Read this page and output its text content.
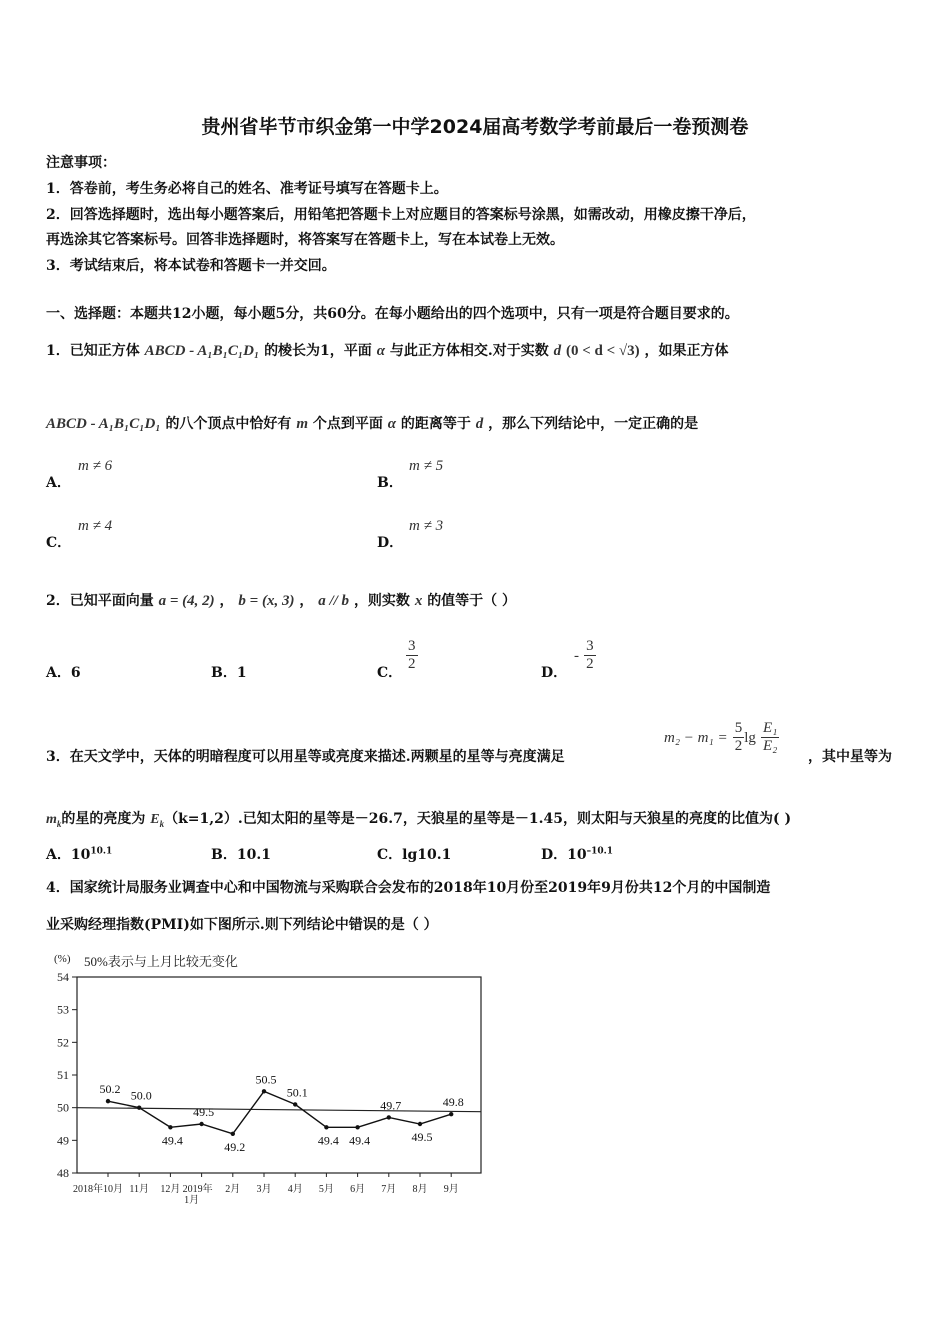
贵州省毕节市织金第一中学2024届高考数学考前最后一卷预测卷
注意事项：
1．答卷前，考生务必将自己的姓名、准考证号填写在答题卡上。
2．回答选择题时，选出每小题答案后，用铅笔把答题卡上对应题目的答案标号涂黑，如需改动，用橡皮擦干净后，
再选涂其它答案标号。回答非选择题时，将答案写在答题卡上，写在本试卷上无效。
3．考试结束后，将本试卷和答题卡一并交回。
一、选择题：本题共12小题，每小题5分，共60分。在每小题给出的四个选项中，只有一项是符合题目要求的。
1．已知正方体 ABCD - A₁B₁C₁D₁ 的棱长为1，平面 α 与此正方体相交.对于实数 d (0 < d < √3) ，如果正方体
ABCD - A₁B₁C₁D₁ 的八个顶点中恰好有 m 个点到平面 α 的距离等于 d ，那么下列结论中，一定正确的是
A．
m ≠ 6
B．
m ≠ 5
C．
m ≠ 4
D．
m ≠ 3
2．已知平面向量 a = (4, 2) ， b = (x, 3) ， a // b ，则实数 x 的值等于（ ）
A．6	B．1	C． $\frac{3}{2}$	D．
- $\frac{3}{2}$
3．在天文学中，天体的明暗程度可以用星等或亮度来描述.两颗星的星等与亮度满足
$m_2 - m_1 = \frac{5}{2}$ $\lg \frac{\text{E₁}}{\text{E₂}}$
，其中星等为
$m_k$的星的亮度为 $E_k(k=1,2)$.已知太阳的星等是－26.7，天狼星的星等是－1.45，则太阳与天狼星的亮度的比值为( )
A．$10^{10.1}$	B．10.1	C．lg10.1	D．$10^{-10.1}$
4．国家统计局服务业调查中心和中国物流与采购联合会发布的2018年10月份至2019年9月份共12个月的中国制造
业采购经理指数(PMI)如下图所示.则下列结论中错误的是（ ）
(%) 50%表示与上月比较无变化
48
49
50
51
52
53
54
2018年10月 11月 12月 2019年
1月
2月 3月 4月 5月 6月 7月 8月 9月
50.2 50.0
49.4
49.5
49.2
50.5
50.1
49.4 49.4
49.7
49.5
49.8
